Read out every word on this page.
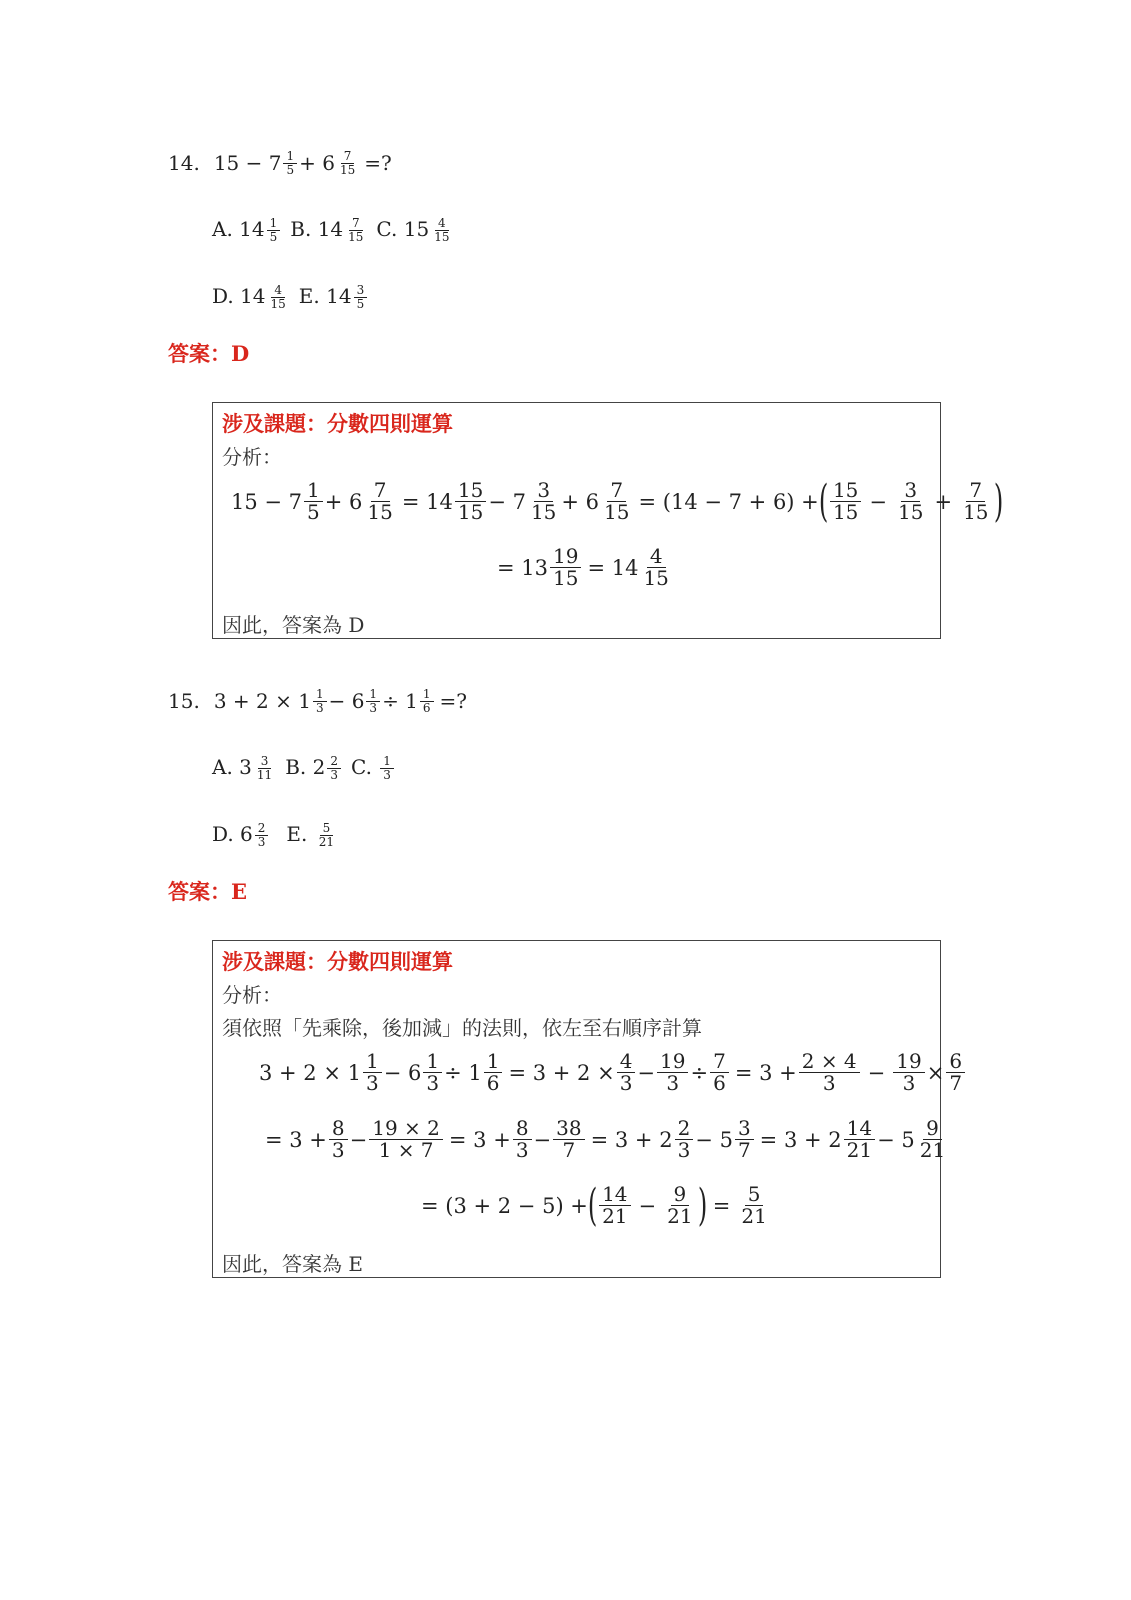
14. $15 - 7 \frac{1}{5} + 6 \frac{7}{15}$ =?
A. $14 \frac{1}{5} B$. $14 \frac{7}{15} C$. $15 \frac{4}{15}$
D. $14 \frac{4}{15} E$. $14 \frac{3}{5}$
答案：D
涉及課題：分數四則運算
分析：
$15 - 7 \frac{1}{5} + 6 \frac{7}{15} = 14 \frac{15}{15} - 7 \frac{3}{15} + 6 \frac{7}{15} = (14 - 7 + 6)$ + ( $\frac{15}{15} - \frac{3}{15} + \frac{7}{15}$ )
= $13 \frac{19}{15} = 14 \frac{4}{15}$
因此，答案為 D
15. $3 + 2 \times 1 \frac{1}{3} - 6 \frac{1}{3} \div 1 \frac{1}{6}$ =?
A. $3 \frac{3}{11} B$. $2 \frac{2}{3} C$. $\frac{1}{3}$
D. $6 \frac{2}{3} E$. $\frac{5}{21}$
答案：E
涉及課題：分數四則運算
分析：
須依照「先乘除，後加減」的法則，依左至右順序計算
$3 + 2 \times 1 \frac{1}{3} - 6 \frac{1}{3} \div 1 \frac{1}{6} = 3 + 2 \times \frac{4}{3} - \frac{19}{3} \div \frac{7}{6} = 3 + \frac{2 \times 4}{3} - \frac{19}{3} \times \frac{6}{7}$
= $3 + \frac{8}{3} - \frac{19 \times 2}{1 \times 7} = 3 + \frac{8}{3} - \frac{38}{7} = 3 + 2 \frac{2}{3} - 5 \frac{3}{7} = 3 + 2 \frac{14}{21} - 5 \frac{9}{21}$
= (3 + 2 − 5) + ( $\frac{14}{21} - \frac{9}{21}$ ) = $\frac{5}{21}$
因此，答案為 E
